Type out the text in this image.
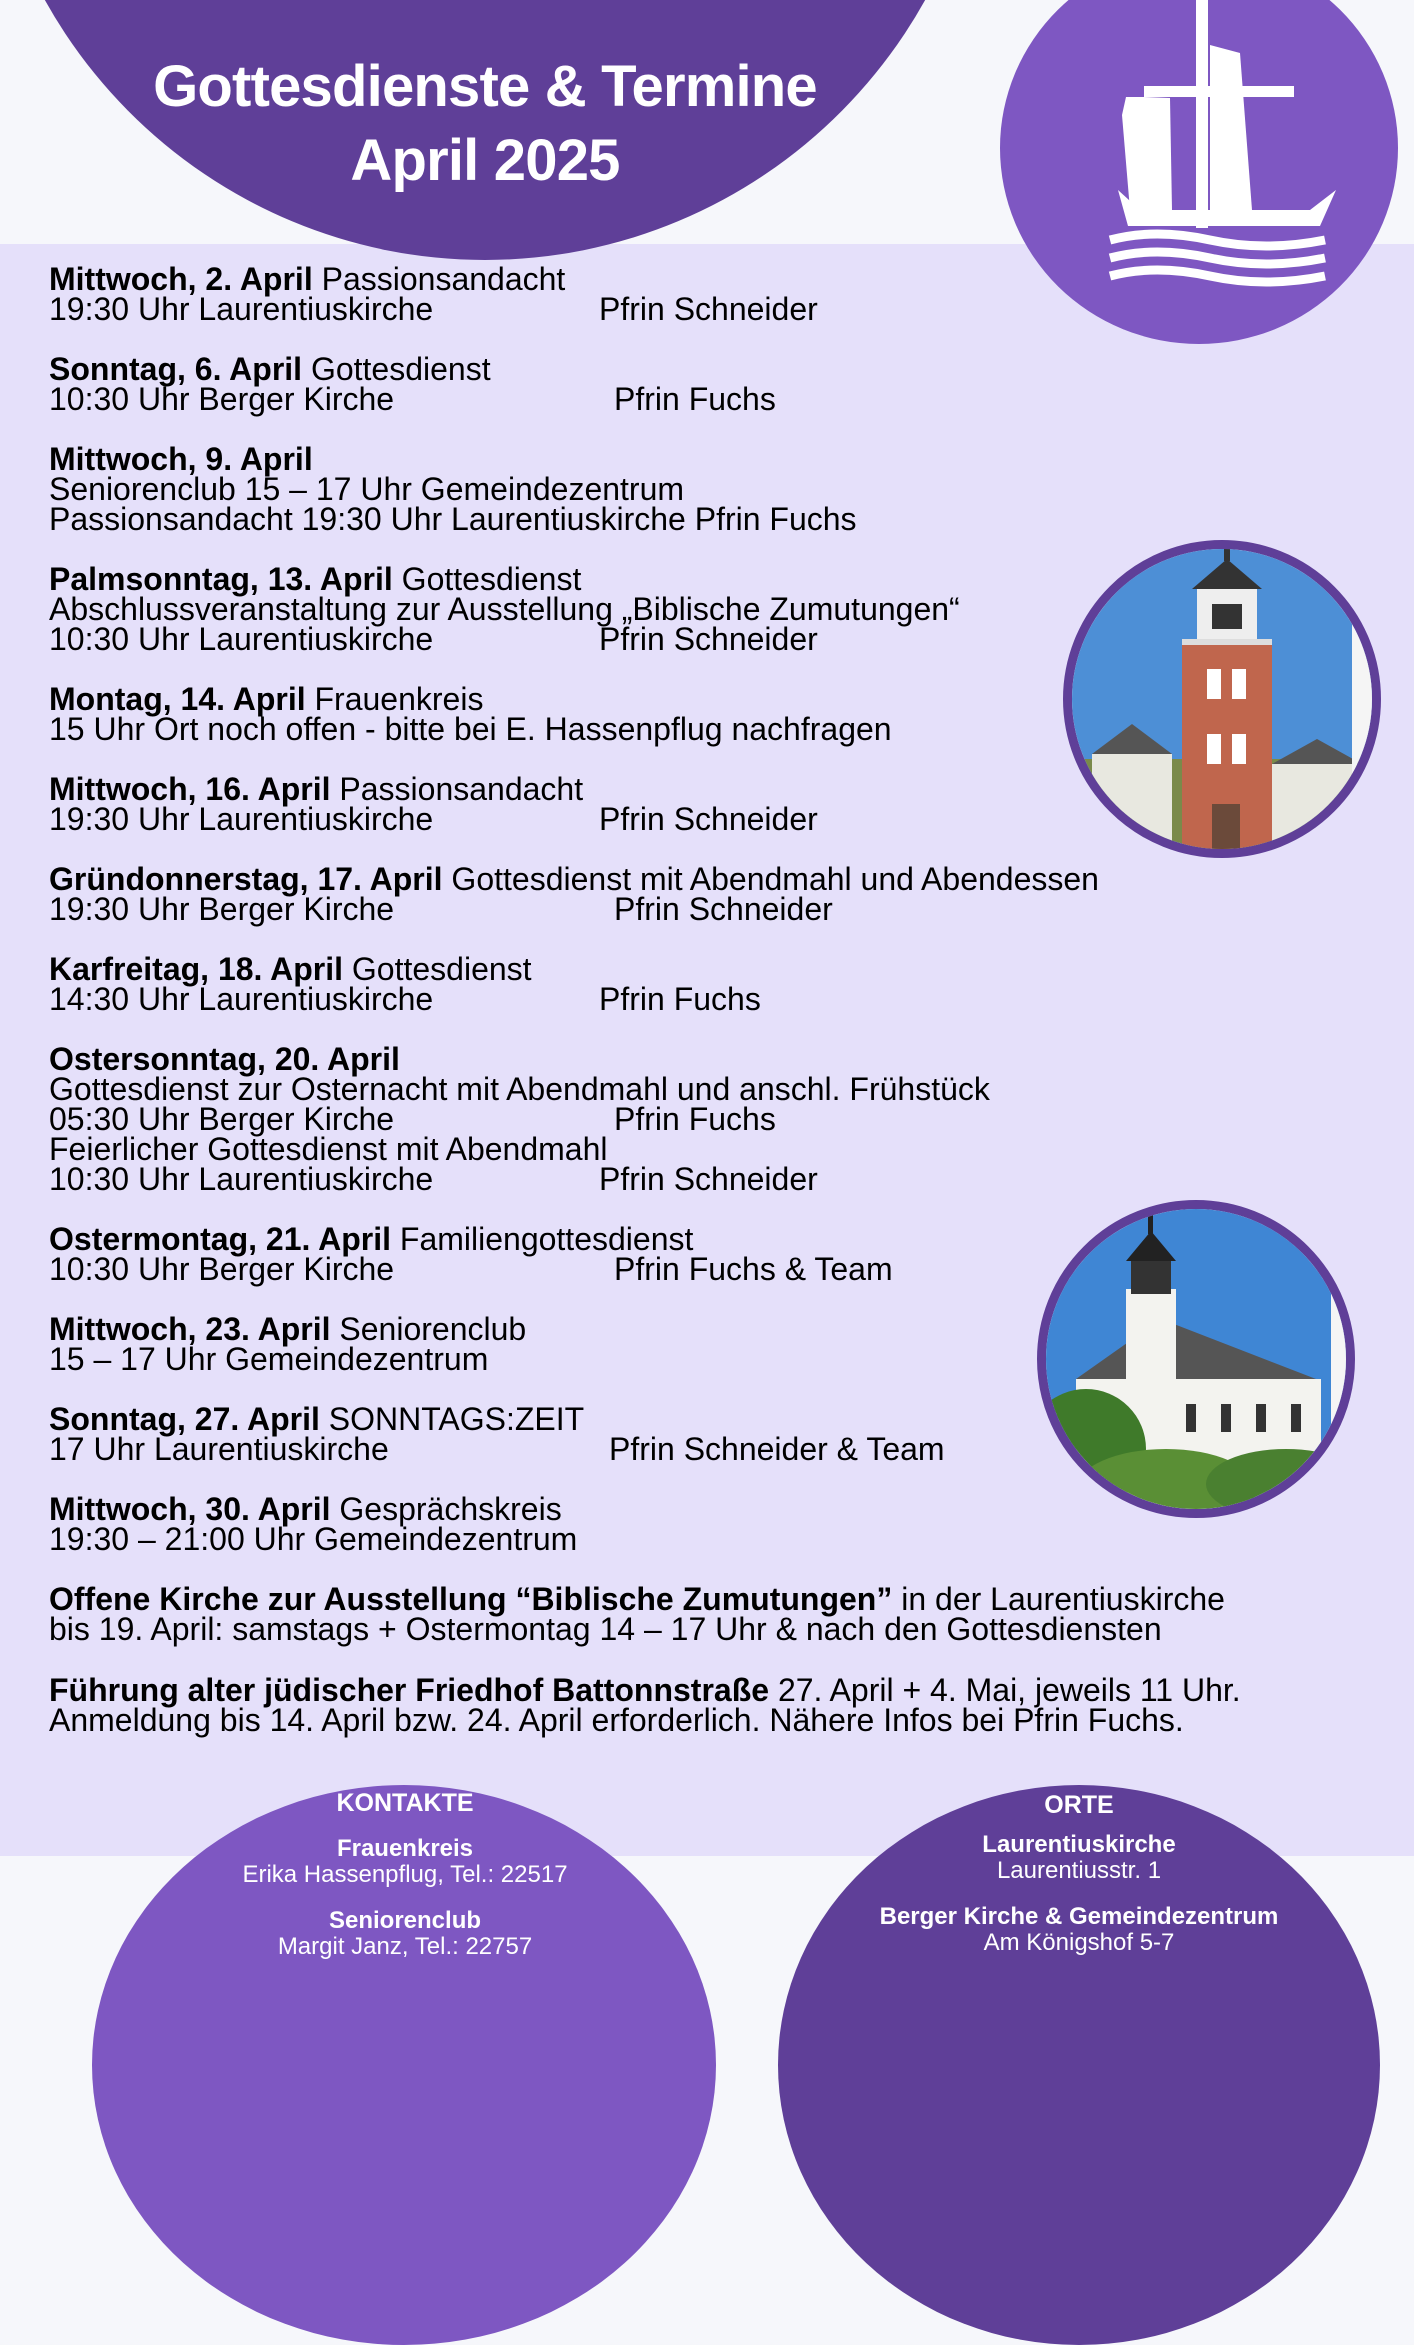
Gottesdienste & Termine
April 2025
Mittwoch, 2. April Passionsandacht
19:30 Uhr Laurentiuskirche	Pfrin Schneider
Sonntag, 6. April Gottesdienst
10:30 Uhr Berger Kirche	Pfrin Fuchs
Mittwoch, 9. April
Seniorenclub 15 – 17 Uhr Gemeindezentrum
Passionsandacht 19:30 Uhr Laurentiuskirche Pfrin Fuchs
Palmsonntag, 13. April Gottesdienst
Abschlussveranstaltung zur Ausstellung „Biblische Zumutungen“
10:30 Uhr Laurentiuskirche	Pfrin Schneider
Montag, 14. April Frauenkreis
15 Uhr Ort noch offen - bitte bei E. Hassenpflug nachfragen
Mittwoch, 16. April Passionsandacht
19:30 Uhr Laurentiuskirche	Pfrin Schneider
Gründonnerstag, 17. April Gottesdienst mit Abendmahl und Abendessen
19:30 Uhr Berger Kirche	Pfrin Schneider
Karfreitag, 18. April Gottesdienst
14:30 Uhr Laurentiuskirche	Pfrin Fuchs
Ostersonntag, 20. April
Gottesdienst zur Osternacht mit Abendmahl und anschl. Frühstück
05:30 Uhr Berger Kirche	Pfrin Fuchs
Feierlicher Gottesdienst mit Abendmahl
10:30 Uhr Laurentiuskirche	Pfrin Schneider
Ostermontag, 21. April Familiengottesdienst
10:30 Uhr Berger Kirche	Pfrin Fuchs & Team
Mittwoch, 23. April Seniorenclub
15 – 17 Uhr Gemeindezentrum
Sonntag, 27. April SONNTAGS:ZEIT
17 Uhr Laurentiuskirche	Pfrin Schneider & Team
Mittwoch, 30. April Gesprächskreis
19:30 – 21:00 Uhr Gemeindezentrum
Offene Kirche zur Ausstellung “Biblische Zumutungen” in der Laurentiuskirche
bis 19. April: samstags + Ostermontag 14 – 17 Uhr & nach den Gottesdiensten
Führung alter jüdischer Friedhof Battonnstraße 27. April + 4. Mai, jeweils 11 Uhr.
Anmeldung bis 14. April bzw. 24. April erforderlich. Nähere Infos bei Pfrin Fuchs.
KONTAKTE
Frauenkreis
Erika Hassenpflug, Tel.: 22517
Seniorenclub
Margit Janz, Tel.: 22757
ORTE
Laurentiuskirche
Laurentiusstr. 1
Berger Kirche & Gemeindezentrum
Am Königshof 5-7
